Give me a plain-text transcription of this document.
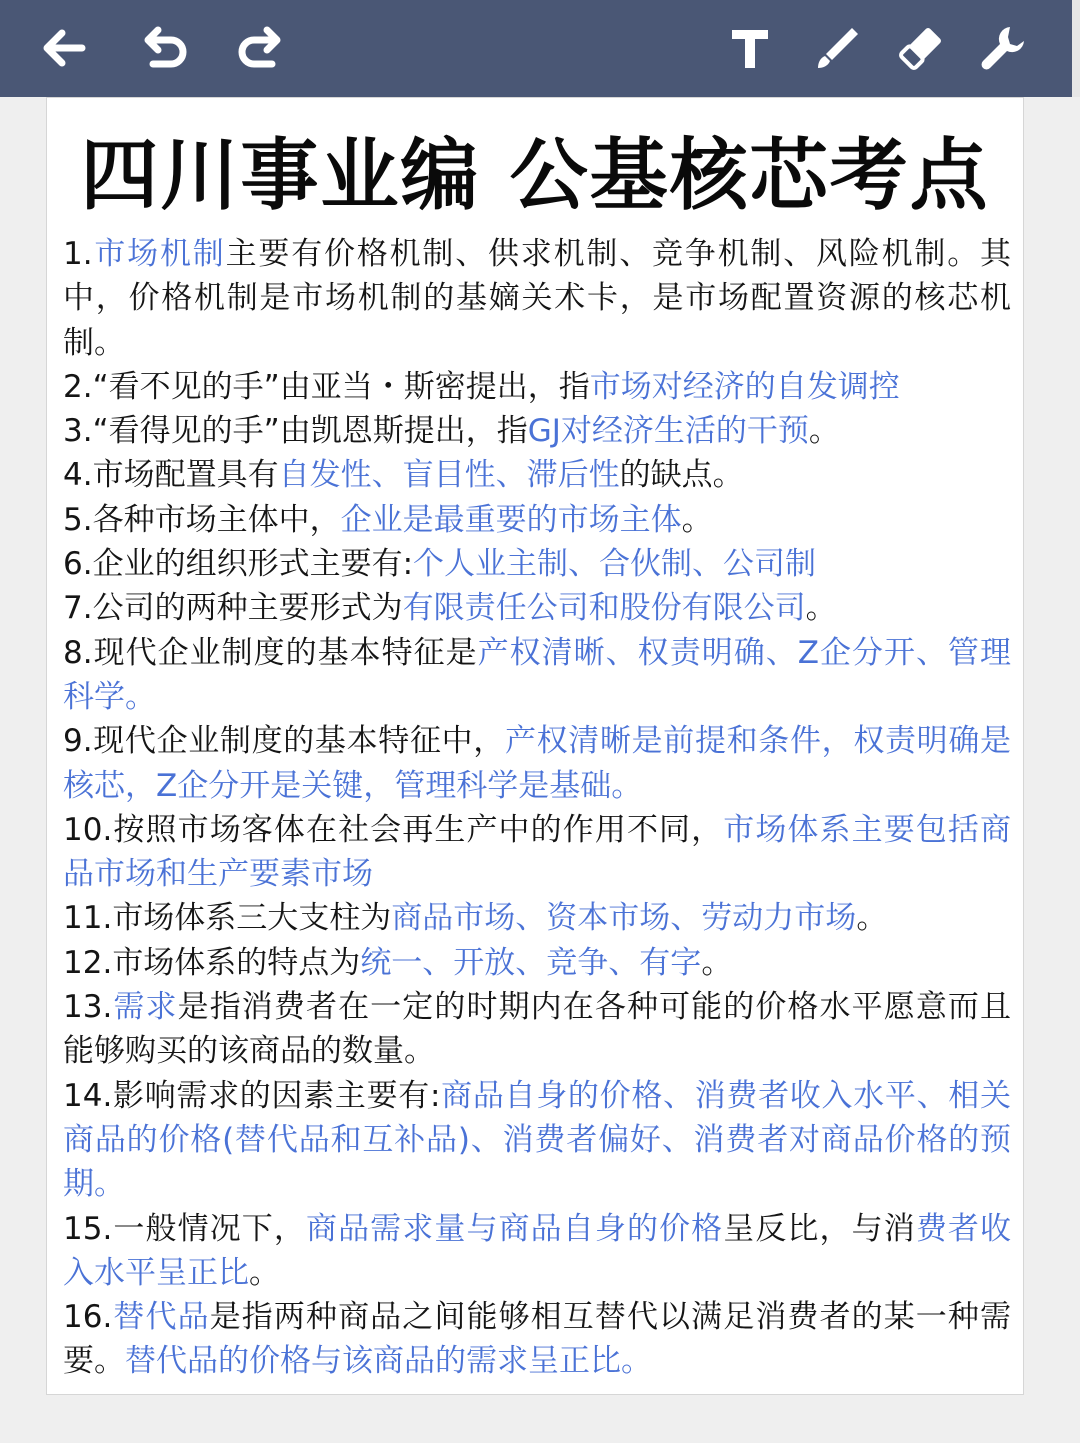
四川事业编 公基核芯考点

1.市场机制主要有价格机制、供求机制、竞争机制、风险机制。其中，价格机制是市场机制的基嫡关术卡，是市场配置资源的核芯机制。

2.“看不见的手”由亚当・斯密提出，指市场对经济的自发调控

3.“看得见的手”由凯恩斯提出，指GJ对经济生活的干预。

4.市场配置具有自发性、盲目性、滞后性的缺点。

5.各种市场主体中，企业是最重要的市场主体。

6.企业的组织形式主要有:个人业主制、合伙制、公司制

7.公司的两种主要形式为有限责任公司和股份有限公司。

8.现代企业制度的基本特征是产权清晰、权责明确、Z企分开、管理科学。

9.现代企业制度的基本特征中，产权清晰是前提和条件，权责明确是核芯，Z企分开是关键，管理科学是基础。

10.按照市场客体在社会再生产中的作用不同，市场体系主要包括商品市场和生产要素市场

11.市场体系三大支柱为商品市场、资本市场、劳动力市场。

12.市场体系的特点为统一、开放、竞争、有字。

13.需求是指消费者在一定的时期内在各种可能的价格水平愿意而且能够购买的该商品的数量。

14.影响需求的因素主要有:商品自身的价格、消费者收入水平、相关商品的价格(替代品和互补品)、消费者偏好、消费者对商品价格的预期。

15.一般情况下，商品需求量与商品自身的价格呈反比，与消费者收入水平呈正比。

16.替代品是指两种商品之间能够相互替代以满足消费者的某一种需要。替代品的价格与该商品的需求呈正比。
